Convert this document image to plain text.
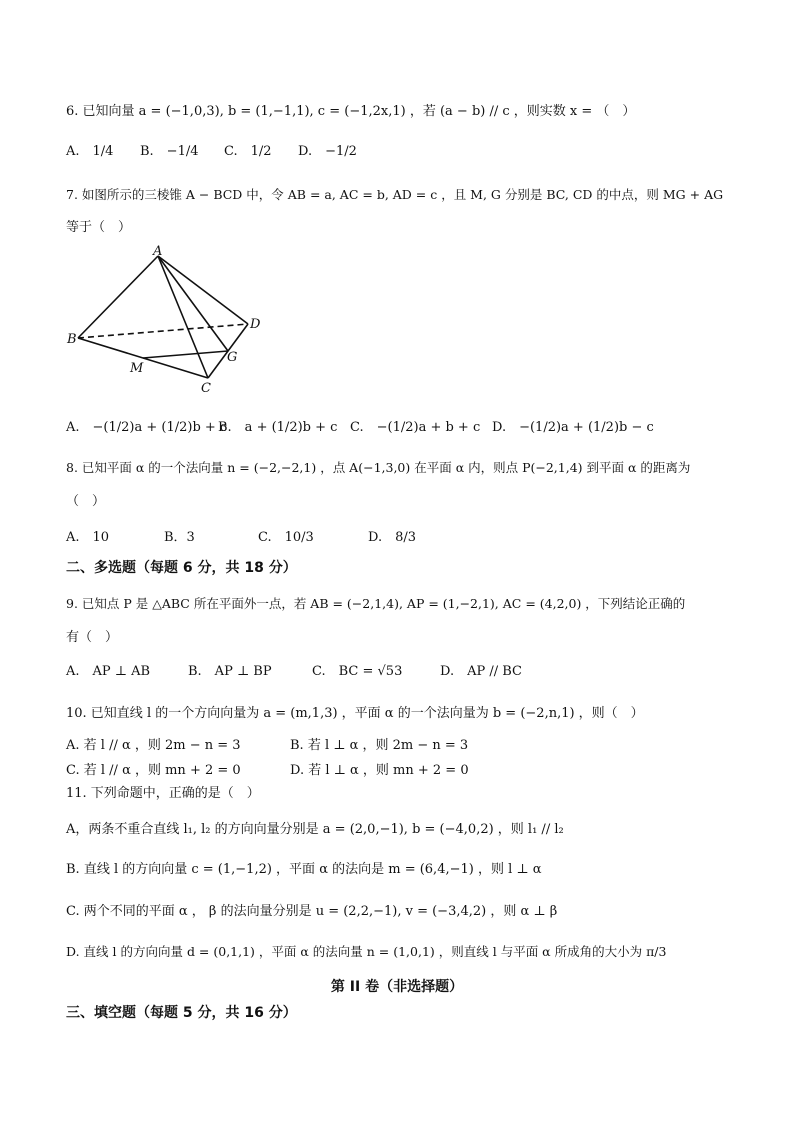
6. 已知向量 a = (−1,0,3), b = (1,−1,1), c = (−1,2x,1) ，若 (a − b) // c ，则实数 x = （　）
A.　1/4 B.　−1/4 C.　1/2 D.　−1/2
7. 如图所示的三棱锥 A − BCD 中，令 AB = a, AC = b, AD = c ，且 M, G 分别是 BC, CD 的中点，则 MG + AG
等于（　）
A
B
C
D
M
G
A.　−(1/2)a + (1/2)b + c
B.　a + (1/2)b + c C.　−(1/2)a + b + c D.　−(1/2)a + (1/2)b − c
8. 已知平面 α 的一个法向量 n = (−2,−2,1) ，点 A(−1,3,0) 在平面 α 内，则点 P(−2,1,4) 到平面 α 的距离为
（　）
A.　10	B．3	C.　10/3	D.　8/3
二、多选题（每题 6 分，共 18 分）
9. 已知点 P 是 △ABC 所在平面外一点，若 AB = (−2,1,4), AP = (1,−2,1), AC = (4,2,0) ，下列结论正确的
有（　）
A.　AP ⊥ AB	B.　AP ⊥ BP	C.　BC = √53	D.　AP // BC
10. 已知直线 l 的一个方向向量为 a = (m,1,3) ，平面 α 的一个法向量为 b = (−2,n,1) ，则（　）
A. 若 l // α ，则 2m − n = 3	B. 若 l ⊥ α ，则 2m − n = 3
C. 若 l // α ，则 mn + 2 = 0	D. 若 l ⊥ α ，则 mn + 2 = 0
11. 下列命题中，正确的是（　）
A，两条不重合直线 l₁, l₂ 的方向向量分别是 a = (2,0,−1), b = (−4,0,2) ，则 l₁ // l₂
B. 直线 l 的方向向量 c = (1,−1,2) ，平面 α 的法向是 m = (6,4,−1) ，则 l ⊥ α
C. 两个不同的平面 α ， β 的法向量分别是 u = (2,2,−1), v = (−3,4,2) ，则 α ⊥ β
D. 直线 l 的方向向量 d = (0,1,1) ，平面 α 的法向量 n = (1,0,1) ，则直线 l 与平面 α 所成角的大小为 π/3
第 II 卷（非选择题）
三、填空题（每题 5 分，共 16 分）
